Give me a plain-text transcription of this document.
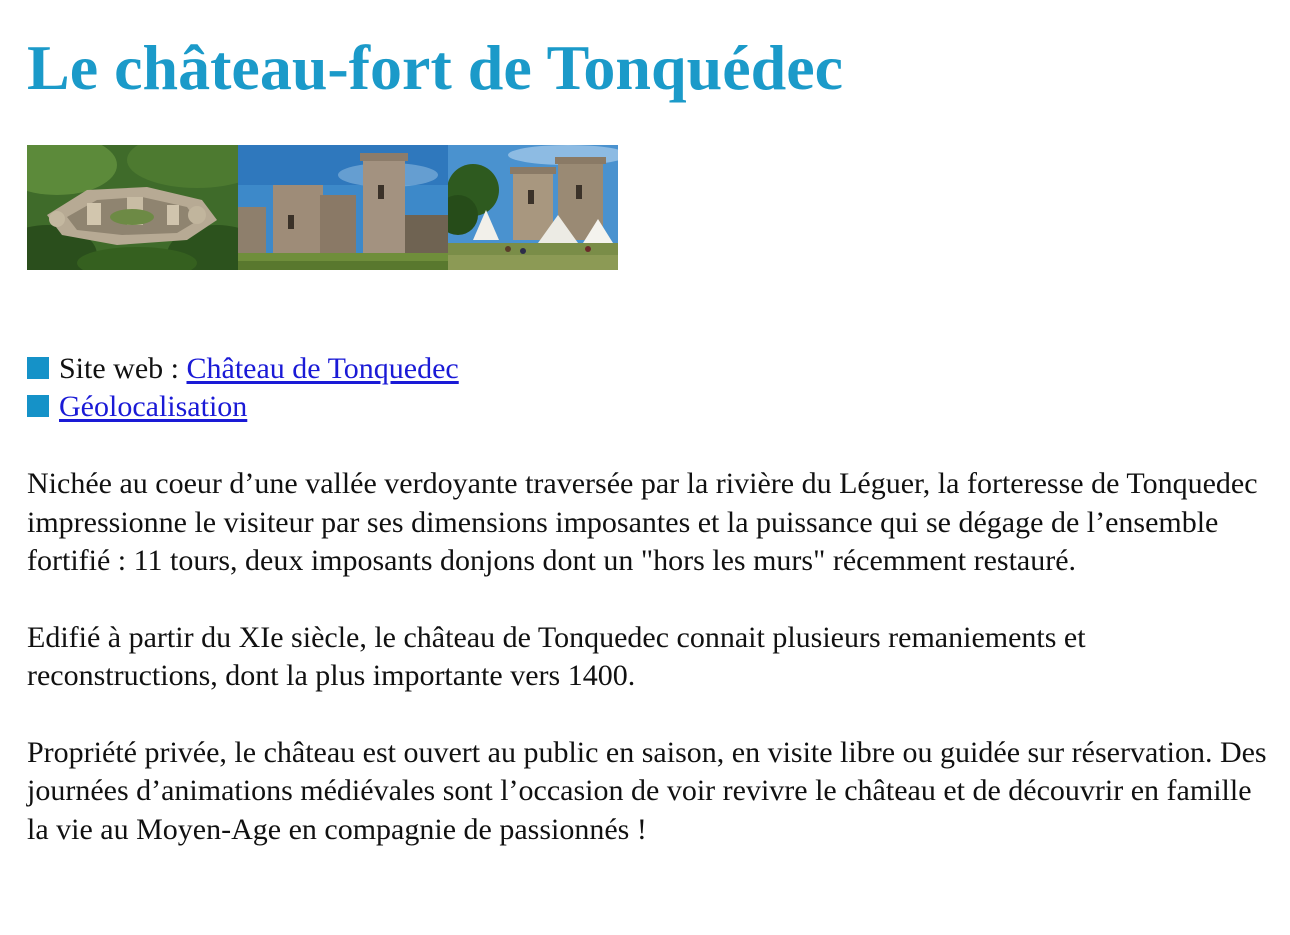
Le château-fort de Tonquédec
Site web :
Château de Tonquedec
Géolocalisation

Nichée au coeur d’une vallée verdoyante traversée par la rivière du Léguer, la forteresse de Tonquedec impressionne le visiteur par ses dimensions imposantes et la puissance qui se dégage de l’ensemble fortifié : 11 tours, deux imposants donjons dont un "hors les murs" récemment restauré.

Edifié à partir du XIe siècle, le château de Tonquedec connait plusieurs remaniements et reconstructions, dont la plus importante vers 1400.

Propriété privée, le château est ouvert au public en saison, en visite libre ou guidée sur réservation. Des journées d’animations médiévales sont l’occasion de voir revivre le château et de découvrir en famille la vie au Moyen-Age en compagnie de passionnés !
